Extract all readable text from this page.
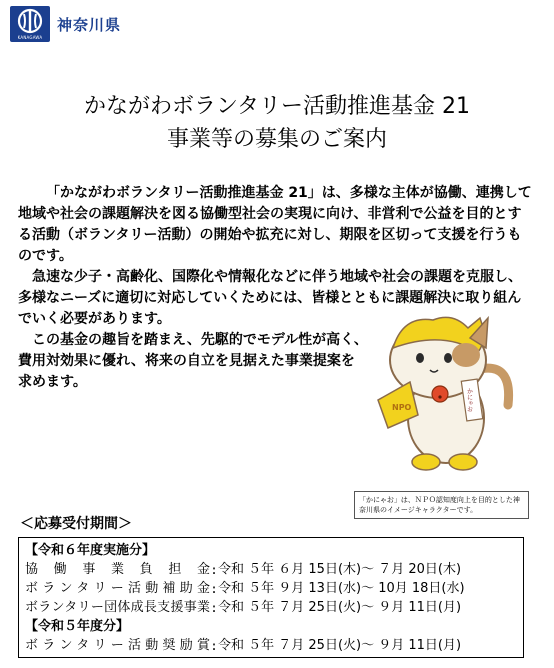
KANAGAWA
神奈川県
かながわボランタリー活動推進基金 21
事業等の募集のご案内

「かながわボランタリー活動推進基金 21」は、多様な主体が協働、連携して地域や社会の課題解決を図る協働型社会の実現に向け、非営利で公益を目的とする活動（ボランタリー活動）の開始や拡充に対し、期限を区切って支援を行うものです。

急速な少子・高齢化、国際化や情報化などに伴う地域や社会の課題を克服し、多様なニーズに適切に対応していくためには、皆様とともに課題解決に取り組んでいく必要があります。

この基金の趣旨を踏まえ、先駆的でモデル性が高く、費用対効果に優れ、将来の自立を見据えた事業提案を求めます。

NPO	かにゃお
「かにゃお」は、ＮＰＯ認知度向上を目的とした神奈川県のイメージキャラクターです。
＜応募受付期間＞
【令和６年度実施分】
協働事業負担金 : 令和 ５年 ６月 15日(木)～ ７月 20日(木)
ボランタリー活動補助金 : 令和 ５年 ９月 13日(水)～ 10月 18日(水)
ボランタリー団体成長支援事業 : 令和 ５年 ７月 25日(火)～ ９月 11日(月)
【令和５年度分】
ボランタリー活動奨励賞 : 令和 ５年 ７月 25日(火)～ ９月 11日(月)
